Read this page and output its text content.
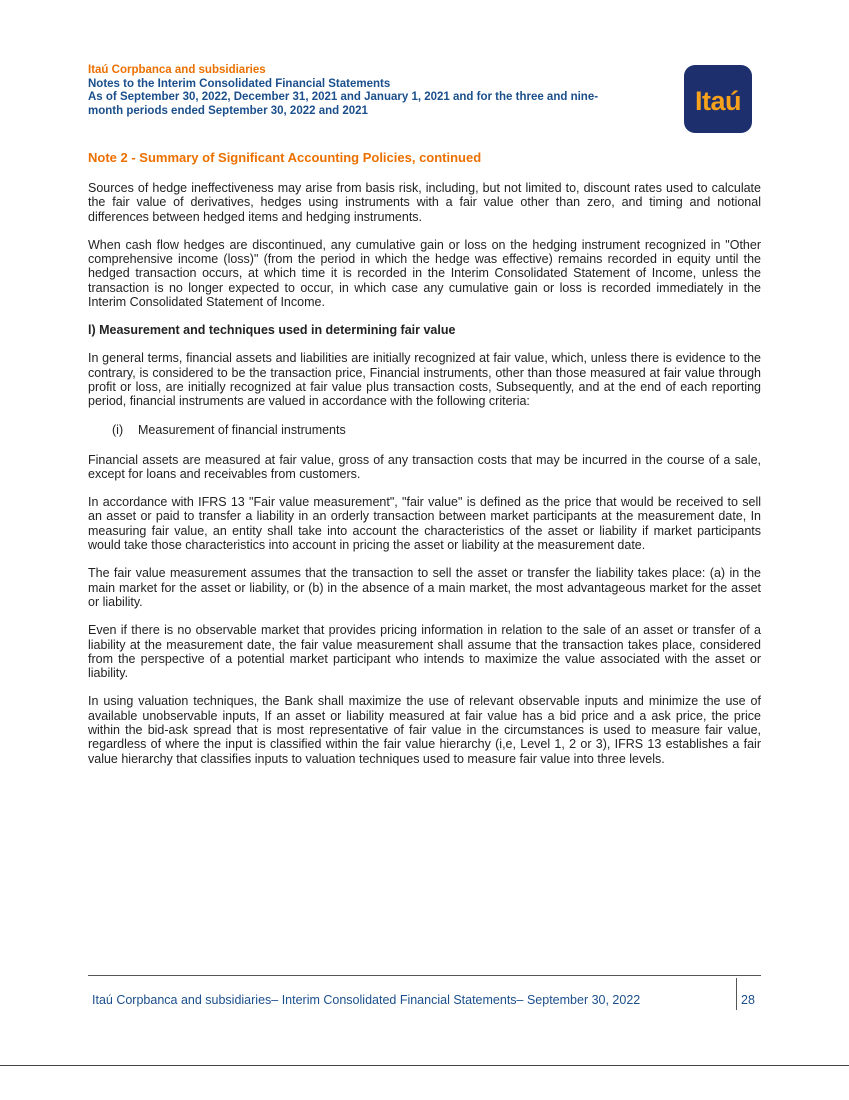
Itaú Corpbanca and subsidiaries
Notes to the Interim Consolidated Financial Statements
As of September 30, 2022, December 31, 2021 and January 1, 2021 and for the three and nine-
month periods ended September 30, 2022 and 2021	Itaú
Note 2 - Summary of Significant Accounting Policies, continued

Sources of hedge ineffectiveness may arise from basis risk, including, but not limited to, discount rates used to calculate the fair value of derivatives, hedges using instruments with a fair value other than zero, and timing and notional differences between hedged items and hedging instruments.

When cash flow hedges are discontinued, any cumulative gain or loss on the hedging instrument recognized in "Other comprehensive income (loss)" (from the period in which the hedge was effective) remains recorded in equity until the hedged transaction occurs, at which time it is recorded in the Interim Consolidated Statement of Income, unless the transaction is no longer expected to occur, in which case any cumulative gain or loss is recorded immediately in the Interim Consolidated Statement of Income.

l) Measurement and techniques used in determining fair value

In general terms, financial assets and liabilities are initially recognized at fair value, which, unless there is evidence to the contrary, is considered to be the transaction price, Financial instruments, other than those measured at fair value through profit or loss, are initially recognized at fair value plus transaction costs, Subsequently, and at the end of each reporting period, financial instruments are valued in accordance with the following criteria:

(i) Measurement of financial instruments

Financial assets are measured at fair value, gross of any transaction costs that may be incurred in the course of a sale, except for loans and receivables from customers.

In accordance with IFRS 13 "Fair value measurement", "fair value" is defined as the price that would be received to sell an asset or paid to transfer a liability in an orderly transaction between market participants at the measurement date, In measuring fair value, an entity shall take into account the characteristics of the asset or liability if market participants would take those characteristics into account in pricing the asset or liability at the measurement date.

The fair value measurement assumes that the transaction to sell the asset or transfer the liability takes place: (a) in the main market for the asset or liability, or (b) in the absence of a main market, the most advantageous market for the asset or liability.

Even if there is no observable market that provides pricing information in relation to the sale of an asset or transfer of a liability at the measurement date, the fair value measurement shall assume that the transaction takes place, considered from the perspective of a potential market participant who intends to maximize the value associated with the asset or liability.

In using valuation techniques, the Bank shall maximize the use of relevant observable inputs and minimize the use of available unobservable inputs, If an asset or liability measured at fair value has a bid price and a ask price, the price within the bid-ask spread that is most representative of fair value in the circumstances is used to measure fair value, regardless of where the input is classified within the fair value hierarchy (i,e, Level 1, 2 or 3), IFRS 13 establishes a fair value hierarchy that classifies inputs to valuation techniques used to measure fair value into three levels.

Itaú Corpbanca and subsidiaries– Interim Consolidated Financial Statements– September 30, 2022	28
